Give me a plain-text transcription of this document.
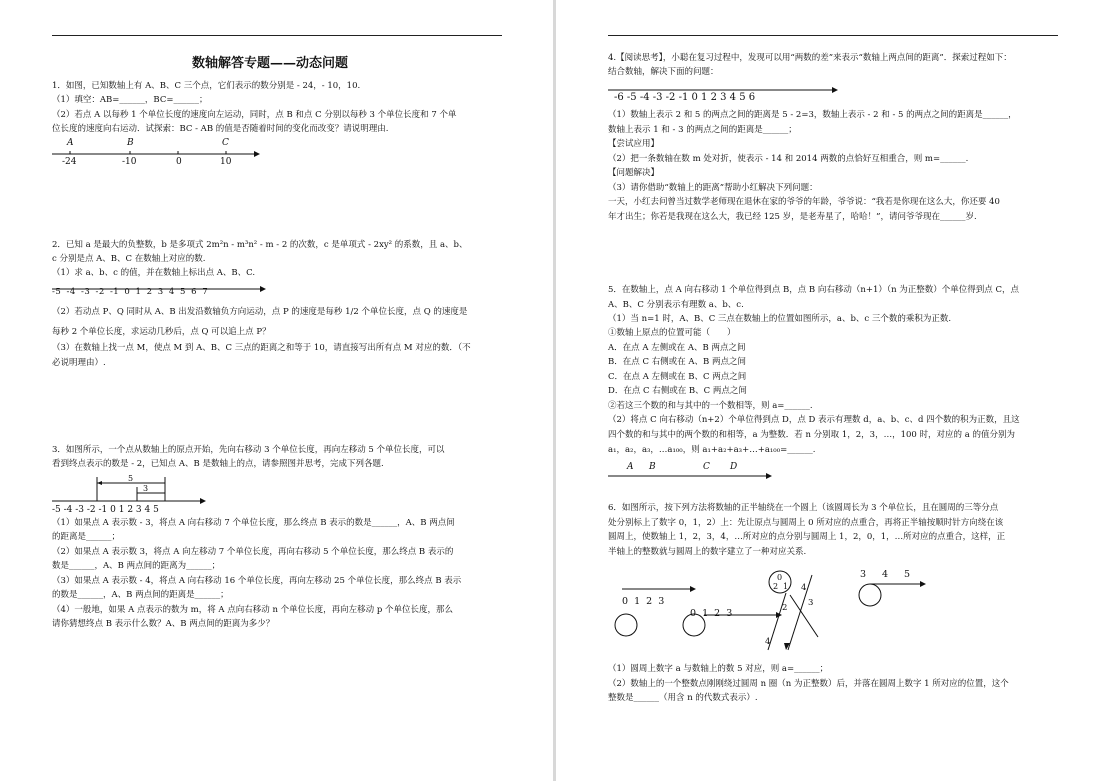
数轴解答专题——动态问题
1．如图，已知数轴上有 A、B、C 三个点，它们表示的数分别是 - 24，- 10，10.
（1）填空：AB=______，BC=______；
（2）若点 A 以每秒 1 个单位长度的速度向左运动，同时，点 B 和点 C 分别以每秒 3 个单位长度和 7 个单
位长度的速度向右运动．试探索：BC - AB 的值是否随着时间的变化而改变？请说明理由.
A	B	C
-24	-10	0	10
2．已知 a 是最大的负整数，b 是多项式 2m²n - m³n² - m - 2 的次数，c 是单项式 - 2xy² 的系数，且 a、b、
c 分别是点 A、B、C 在数轴上对应的数.
（1）求 a、b、c 的值，并在数轴上标出点 A、B、C.
-5 -4 -3 -2 -1 0 1 2 3 4 5 6 7
（2）若动点 P、Q 同时从 A、B 出发沿数轴负方向运动，点 P 的速度是每秒 1/2 个单位长度，点 Q 的速度是
每秒 2 个单位长度，求运动几秒后，点 Q 可以追上点 P？
（3）在数轴上找一点 M，使点 M 到 A、B、C 三点的距离之和等于 10，请直接写出所有点 M 对应的数．（不
必说明理由）.
3．如图所示，一个点从数轴上的原点开始，先向右移动 3 个单位长度，再向左移动 5 个单位长度，可以
看到终点表示的数是 - 2，已知点 A、B 是数轴上的点，请参照图并思考，完成下列各题.
5
3
-5 -4 -3 -2 -1 0 1 2 3 4 5
（1）如果点 A 表示数 - 3，将点 A 向右移动 7 个单位长度，那么终点 B 表示的数是______，A、B 两点间
的距离是______；
（2）如果点 A 表示数 3，将点 A 向左移动 7 个单位长度，再向右移动 5 个单位长度，那么终点 B 表示的
数是______，A、B 两点间的距离为______；
（3）如果点 A 表示数 - 4，将点 A 向右移动 16 个单位长度，再向左移动 25 个单位长度，那么终点 B 表示
的数是______，A、B 两点间的距离是______；
（4）一般地，如果 A 点表示的数为 m，将 A 点向右移动 n 个单位长度，再向左移动 p 个单位长度，那么
请你猜想终点 B 表示什么数？A、B 两点间的距离为多少？
4.【阅读思考】，小聪在复习过程中，发现可以用“两数的差”来表示“数轴上两点间的距离”．探索过程如下：
结合数轴，解决下面的问题：
-6 -5 -4 -3 -2 -1 0 1 2 3 4 5 6
（1）数轴上表示 2 和 5 的两点之间的距离是 5 - 2=3，数轴上表示 - 2 和 - 5 的两点之间的距离是______，
数轴上表示 1 和 - 3 的两点之间的距离是______；
【尝试应用】
（2）把一条数轴在数 m 处对折，使表示 - 14 和 2014 两数的点恰好互相重合，则 m=______.
【问题解决】
（3）请你借助“数轴上的距离”帮助小红解决下列问题：
一天，小红去问曾当过数学老师现在退休在家的爷爷的年龄，爷爷说：“我若是你现在这么大，你还要 40
年才出生；你若是我现在这么大，我已经 125 岁，是老寿星了，哈哈！”，请问爷爷现在______岁.
5．在数轴上，点 A 向右移动 1 个单位得到点 B，点 B 向右移动（n+1）（n 为正整数）个单位得到点 C，点
A、B、C 分别表示有理数 a、b、c.
（1）当 n=1 时，A、B、C 三点在数轴上的位置如图所示，a、b、c 三个数的乘积为正数.
①数轴上原点的位置可能（　　）
A．在点 A 左侧或在 A、B 两点之间
B．在点 C 右侧或在 A、B 两点之间
C．在点 A 左侧或在 B、C 两点之间
D．在点 C 右侧或在 B、C 两点之间
②若这三个数的和与其中的一个数相等，则 a=______.
（2）将点 C 向右移动（n+2）个单位得到点 D，点 D 表示有理数 d，a、b、c、d 四个数的积为正数，且这
四个数的和与其中的两个数的和相等，a 为整数．若 n 分别取 1，2，3，…，100 时，对应的 a 的值分别为
a₁，a₂，a₃，…a₁₀₀，则 a₁+a₂+a₃+…+a₁₀₀=______.
A B	C D
6．如图所示，按下列方法将数轴的正半轴绕在一个圆上（该圆周长为 3 个单位长，且在圆周的三等分点
处分别标上了数字 0，1，2）上：先让原点与圆周上 0 所对应的点重合，再将正半轴按顺时针方向绕在该
圆周上，使数轴上 1，2，3，4，…所对应的点分别与圆周上 1，2，0，1，…所对应的点重合，这样，正
半轴上的整数就与圆周上的数字建立了一种对应关系.
0 1 2 3
0 1 2 3
0
2 1 4
2 3
4
3 4 5
（1）圆周上数字 a 与数轴上的数 5 对应，则 a=______；
（2）数轴上的一个整数点刚刚绕过圆周 n 圈（n 为正整数）后，并落在圆周上数字 1 所对应的位置，这个
整数是______（用含 n 的代数式表示）.
